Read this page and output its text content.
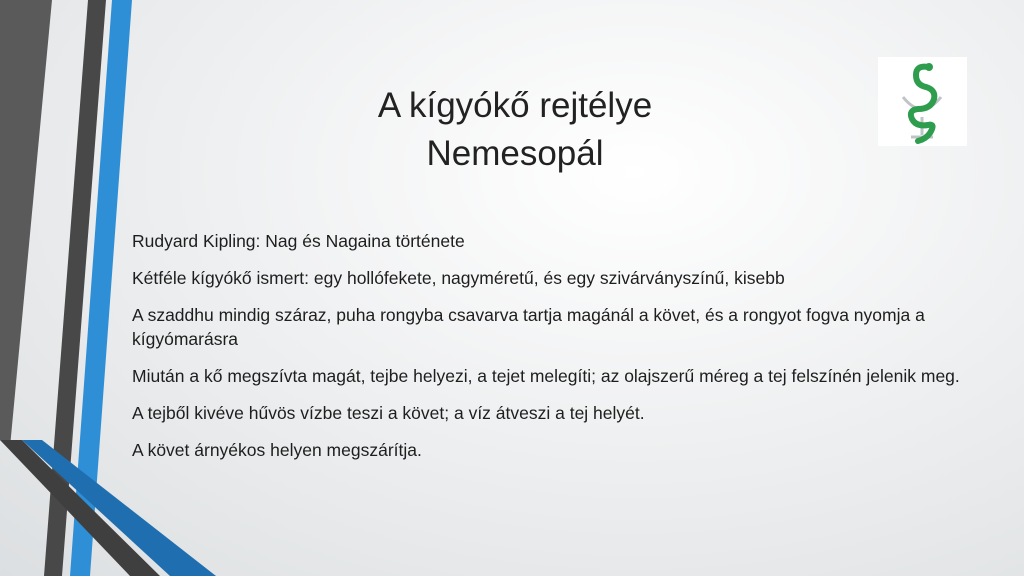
A kígyókő rejtélye
Nemesopál
Rudyard Kipling: Nag és Nagaina története
Kétféle kígyókő ismert: egy hollófekete, nagyméretű, és egy szivárványszínű, kisebb
A szaddhu mindig száraz, puha rongyba csavarva tartja magánál a követ, és a rongyot fogva nyomja a kígyómarásra
Miután a kő megszívta magát, tejbe helyezi, a tejet melegíti; az olajszerű méreg a tej felszínén jelenik meg.
A tejből kivéve hűvös vízbe teszi a követ; a víz átveszi a tej helyét.
A követ árnyékos helyen megszárítja.
